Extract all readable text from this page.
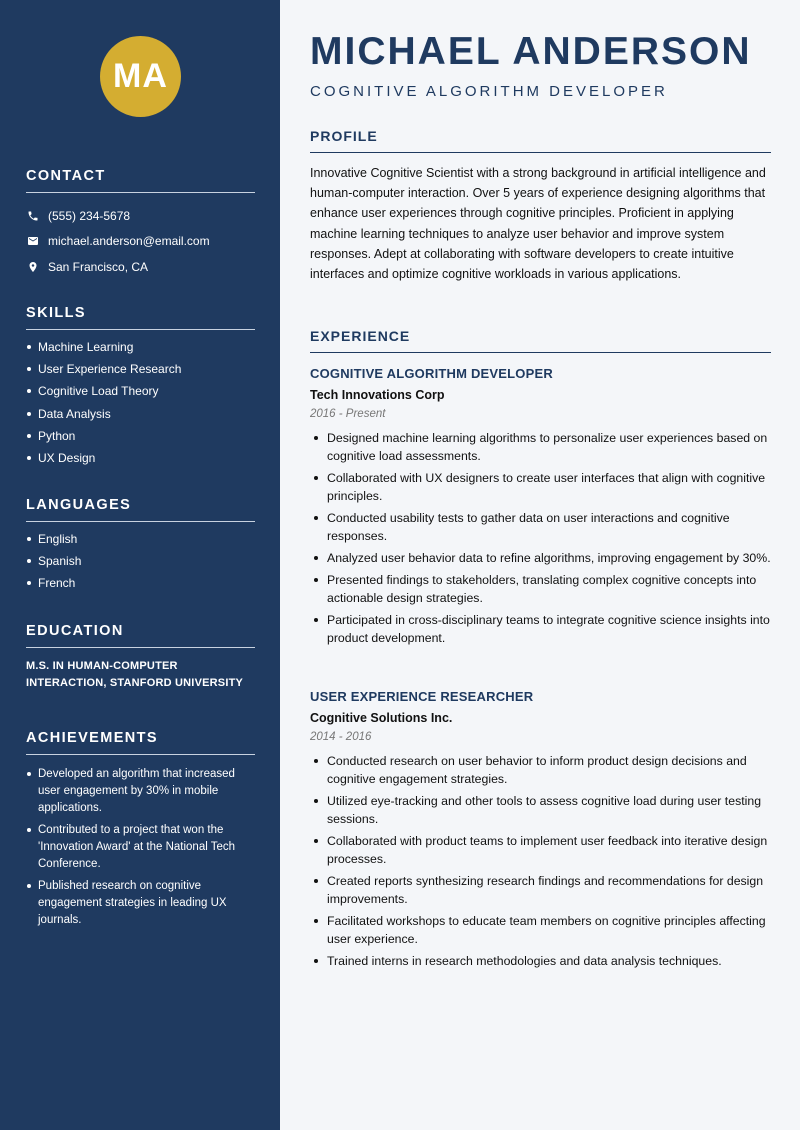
MA
CONTACT
(555) 234-5678
michael.anderson@email.com
San Francisco, CA
SKILLS
Machine Learning
User Experience Research
Cognitive Load Theory
Data Analysis
Python
UX Design
LANGUAGES
English
Spanish
French
EDUCATION
M.S. IN HUMAN-COMPUTER INTERACTION, STANFORD UNIVERSITY
ACHIEVEMENTS
Developed an algorithm that increased user engagement by 30% in mobile applications.
Contributed to a project that won the 'Innovation Award' at the National Tech Conference.
Published research on cognitive engagement strategies in leading UX journals.
MICHAEL ANDERSON
COGNITIVE ALGORITHM DEVELOPER
PROFILE

Innovative Cognitive Scientist with a strong background in artificial intelligence and human-computer interaction. Over 5 years of experience designing algorithms that enhance user experiences through cognitive principles. Proficient in applying machine learning techniques to analyze user behavior and improve system responses. Adept at collaborating with software developers to create intuitive interfaces and optimize cognitive workloads in various applications.

EXPERIENCE
COGNITIVE ALGORITHM DEVELOPER
Tech Innovations Corp
2016 - Present
Designed machine learning algorithms to personalize user experiences based on cognitive load assessments.
Collaborated with UX designers to create user interfaces that align with cognitive principles.
Conducted usability tests to gather data on user interactions and cognitive responses.
Analyzed user behavior data to refine algorithms, improving engagement by 30%.
Presented findings to stakeholders, translating complex cognitive concepts into actionable design strategies.
Participated in cross-disciplinary teams to integrate cognitive science insights into product development.
USER EXPERIENCE RESEARCHER
Cognitive Solutions Inc.
2014 - 2016
Conducted research on user behavior to inform product design decisions and cognitive engagement strategies.
Utilized eye-tracking and other tools to assess cognitive load during user testing sessions.
Collaborated with product teams to implement user feedback into iterative design processes.
Created reports synthesizing research findings and recommendations for design improvements.
Facilitated workshops to educate team members on cognitive principles affecting user experience.
Trained interns in research methodologies and data analysis techniques.
